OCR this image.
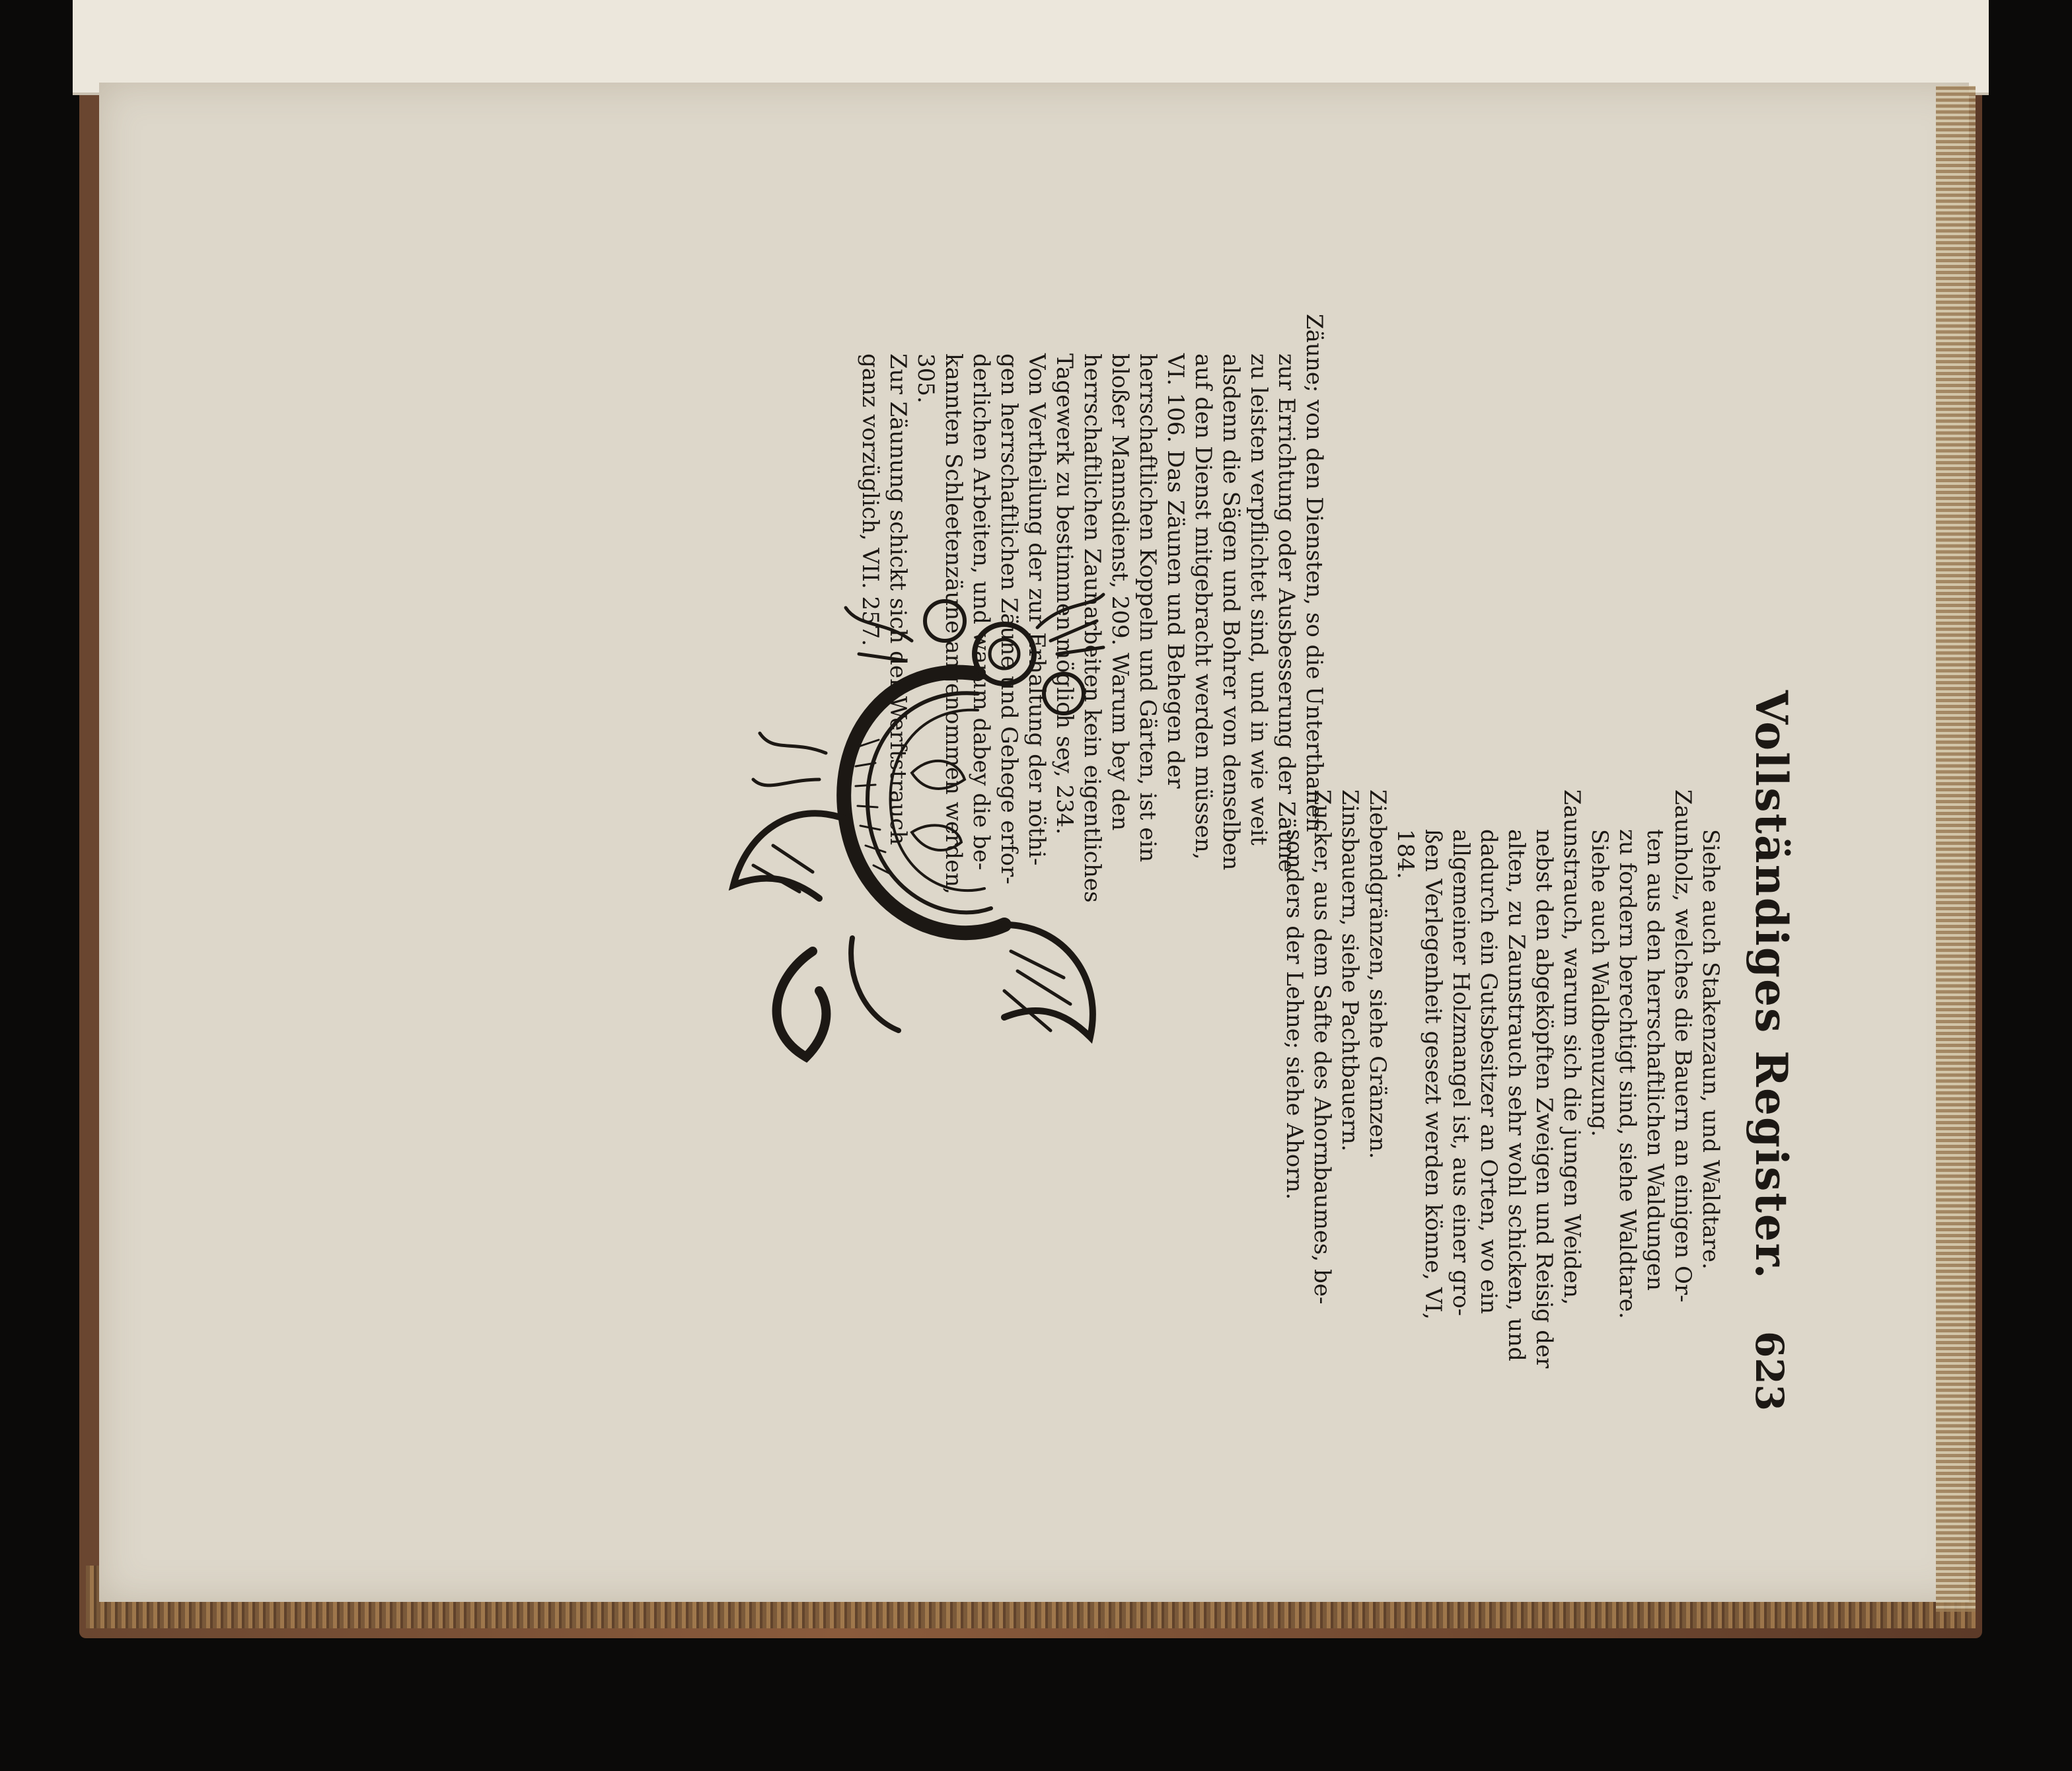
623
Vollständiges Register.

Siehe auch Stakenzaun, und Waldtare.

Zaunholz, welches die Bauern an einigen Or-

ten aus den herrschaftlichen Waldungen

zu fordern berechtigt sind, siehe Waldtare.

Siehe auch Waldbenuzung.

Zaunstrauch, warum sich die jungen Weiden,

nebst den abgeköpften Zweigen und Reisig der

alten, zu Zaunstrauch sehr wohl schicken, und

dadurch ein Gutsbesitzer an Orten, wo ein

allgemeiner Holzmangel ist, aus einer gro-

ßen Verlegenheit gesezt werden könne, VI,

184.

Ziebendgränzen, siehe Gränzen.

Zinsbauern, siehe Pachtbauern.

Zucker, aus dem Safte des Ahornbaumes, be-

sonders der Lehne; siehe Ahorn.

Zäune; von den Diensten, so die Unterthanen

zur Errichtung oder Ausbesserung der Zäune

zu leisten verpflichtet sind, und in wie weit

alsdenn die Sägen und Bohrer von denselben

auf den Dienst mitgebracht werden müssen,

VI. 106. Das Zäunen und Behegen der

herrschaftlichen Koppeln und Gärten, ist ein

bloßer Mannsdienst, 209. Warum bey den

herrschaftlichen Zaunarbeiten kein eigentliches

Tagewerk zu bestimmen möglich sey, 234.

Von Vertheilung der zur Erhaltung der nöthi-

gen herrschaftlichen Zäune und Gehege erfor-

derlichen Arbeiten, und warum dabey die be-

kannten Schleetenzäune angenommen werden,

305.

Zur Zäunung schickt sich der Werftstrauch

ganz vorzüglich, VII. 257.
